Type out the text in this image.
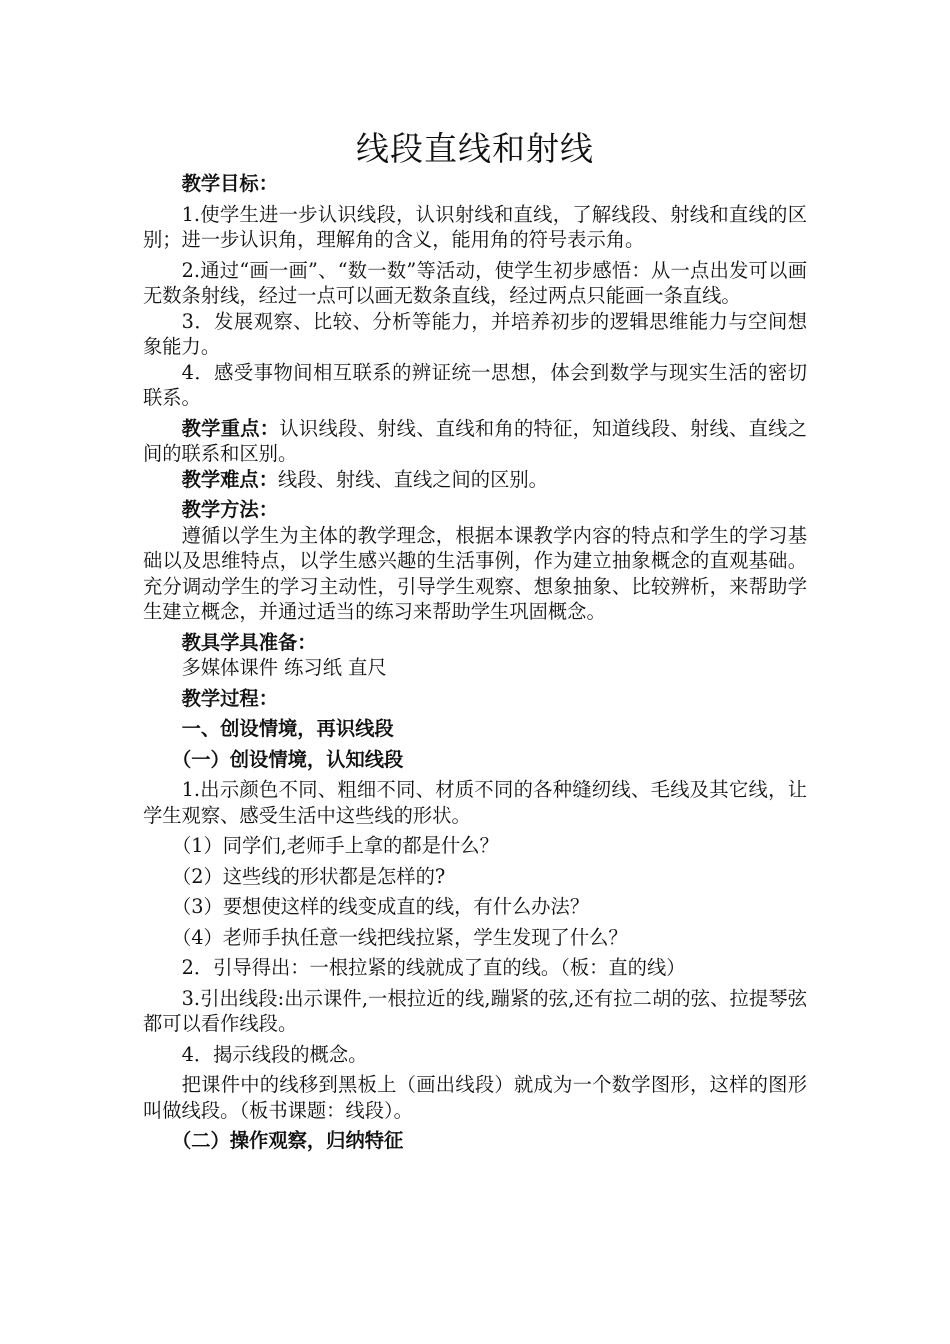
线段直线和射线

教学目标：

1.使学生进一步认识线段，认识射线和直线，了解线段、射线和直线的区别；进一步认识角，理解角的含义，能用角的符号表示角。

2.通过“画一画”、“数一数”等活动，使学生初步感悟：从一点出发可以画无数条射线，经过一点可以画无数条直线，经过两点只能画一条直线。

3．发展观察、比较、分析等能力，并培养初步的逻辑思维能力与空间想象能力。

4．感受事物间相互联系的辨证统一思想，体会到数学与现实生活的密切联系。

教学重点：认识线段、射线、直线和角的特征，知道线段、射线、直线之间的联系和区别。

教学难点：线段、射线、直线之间的区别。

教学方法：

遵循以学生为主体的教学理念，根据本课教学内容的特点和学生的学习基础以及思维特点，以学生感兴趣的生活事例，作为建立抽象概念的直观基础。充分调动学生的学习主动性，引导学生观察、想象抽象、比较辨析，来帮助学生建立概念，并通过适当的练习来帮助学生巩固概念。

教具学具准备：

多媒体课件 练习纸 直尺

教学过程：

一、创设情境，再识线段

（一）创设情境，认知线段

1.出示颜色不同、粗细不同、材质不同的各种缝纫线、毛线及其它线，让学生观察、感受生活中这些线的形状。

（1）同学们,老师手上拿的都是什么？

（2）这些线的形状都是怎样的?

（3）要想使这样的线变成直的线，有什么办法？

（4）老师手执任意一线把线拉紧，学生发现了什么？

2．引导得出：一根拉紧的线就成了直的线。（板：直的线）

3.引出线段:出示课件,一根拉近的线,蹦紧的弦,还有拉二胡的弦、拉提琴弦都可以看作线段。

4．揭示线段的概念。

把课件中的线移到黑板上（画出线段）就成为一个数学图形，这样的图形叫做线段。（板书课题：线段）。

（二）操作观察，归纳特征
